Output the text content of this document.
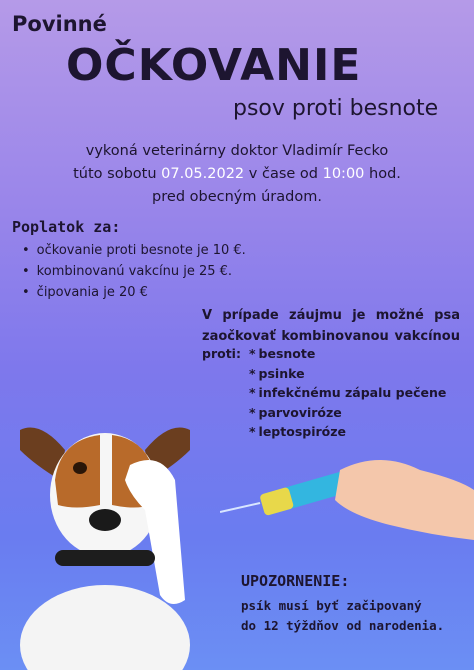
Povinné
OČKOVANIE
psov proti besnote
vykoná veterinárny doktor Vladimír Fecko
túto sobotu 07.05.2022 v čase od 10:00 hod.
pred obecným úradom.
Poplatok za:
• očkovanie proti besnote je 10 €.
• kombinovanú vakcínu je 25 €.
• čipovania je 20 €
V prípade záujmu je možné psa
zaočkovať kombinovanou vakcínou
proti:
*	besnote
* psinke
* infekčnému zápalu pečene
* parvoviróze
* leptospiróze
UPOZORNENIE:
psík musí byť začipovaný
do 12 týždňov od narodenia.
